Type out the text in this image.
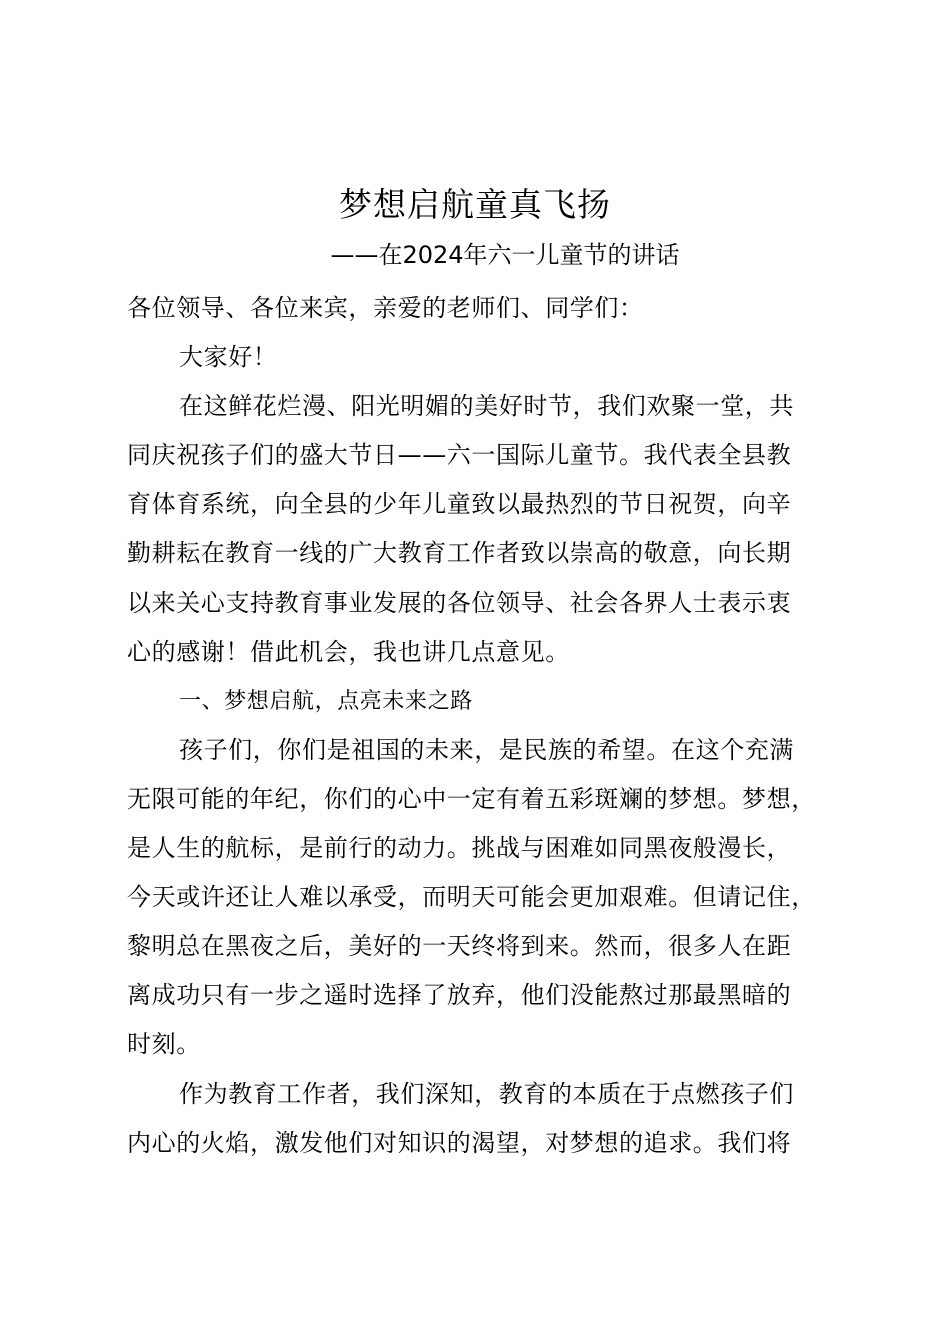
梦想启航童真飞扬
——在2024年六一儿童节的讲话

各位领导、各位来宾，亲爱的老师们、同学们：

大家好！

在这鲜花烂漫、阳光明媚的美好时节，我们欢聚一堂，共
同庆祝孩子们的盛大节日——六一国际儿童节。我代表全县教
育体育系统，向全县的少年儿童致以最热烈的节日祝贺，向辛
勤耕耘在教育一线的广大教育工作者致以崇高的敬意，向长期
以来关心支持教育事业发展的各位领导、社会各界人士表示衷
心的感谢！借此机会，我也讲几点意见。

一、梦想启航，点亮未来之路

孩子们，你们是祖国的未来，是民族的希望。在这个充满
无限可能的年纪，你们的心中一定有着五彩斑斓的梦想。梦想，
是人生的航标，是前行的动力。挑战与困难如同黑夜般漫长，
今天或许还让人难以承受，而明天可能会更加艰难。但请记住，
黎明总在黑夜之后，美好的一天终将到来。然而，很多人在距
离成功只有一步之遥时选择了放弃，他们没能熬过那最黑暗的
时刻。

作为教育工作者，我们深知，教育的本质在于点燃孩子们
内心的火焰，激发他们对知识的渴望，对梦想的追求。我们将
